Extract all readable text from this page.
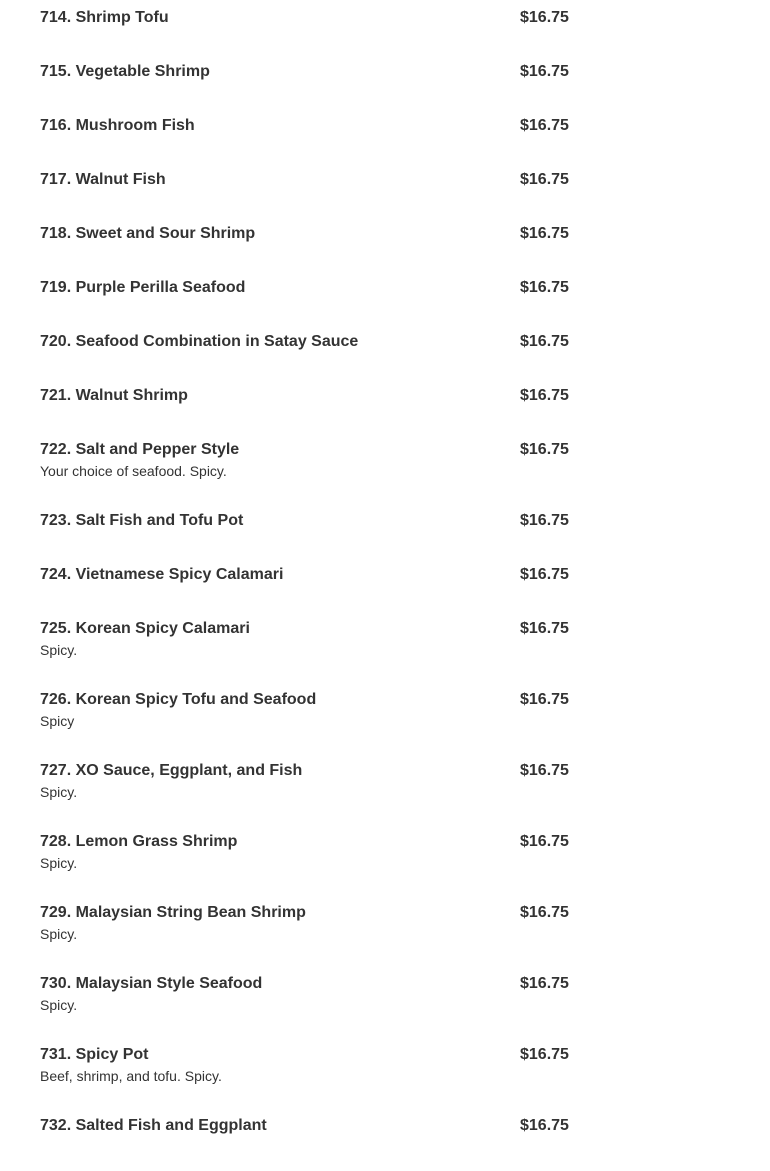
714. Shrimp Tofu	$16.75
715. Vegetable Shrimp	$16.75
716. Mushroom Fish	$16.75
717. Walnut Fish	$16.75
718. Sweet and Sour Shrimp	$16.75
719. Purple Perilla Seafood	$16.75
720. Seafood Combination in Satay Sauce	$16.75
721. Walnut Shrimp	$16.75
722. Salt and Pepper Style	$16.75
Your choice of seafood. Spicy.
723. Salt Fish and Tofu Pot	$16.75
724. Vietnamese Spicy Calamari	$16.75
725. Korean Spicy Calamari	$16.75
Spicy.
726. Korean Spicy Tofu and Seafood	$16.75
Spicy
727. XO Sauce, Eggplant, and Fish	$16.75
Spicy.
728. Lemon Grass Shrimp	$16.75
Spicy.
729. Malaysian String Bean Shrimp	$16.75
Spicy.
730. Malaysian Style Seafood	$16.75
Spicy.
731. Spicy Pot	$16.75
Beef, shrimp, and tofu. Spicy.
732. Salted Fish and Eggplant	$16.75
